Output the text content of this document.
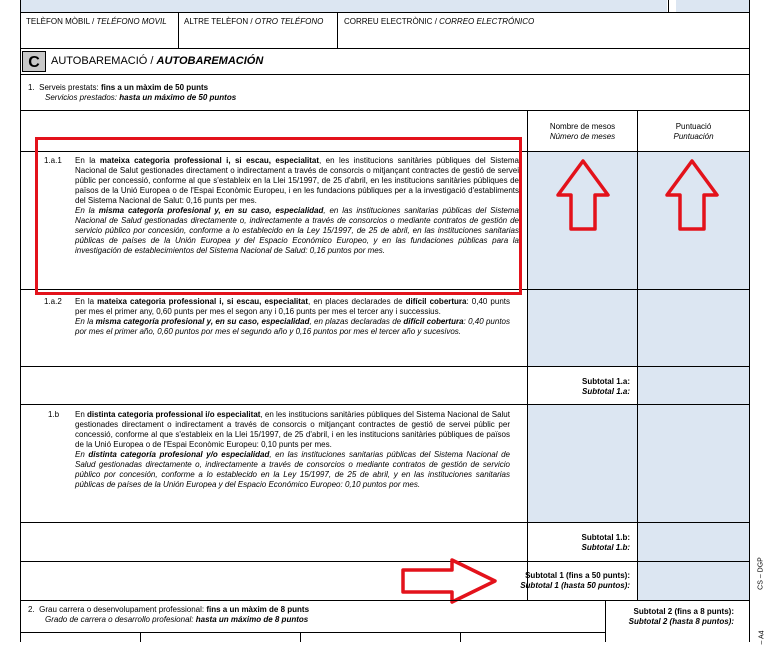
TELÈFON MÒBIL / TELÉFONO MOVIL ALTRE TELÈFON / OTRO TELÉFONO	CORREU ELECTRÒNIC / CORREO ELECTRÓNICO
C	AUTOBAREMACIÓ / AUTOBAREMACIÓN
1. Serveis prestats: fins a un màxim de 50 punts
Servicios prestados: hasta un máximo de 50 puntos
Nombre de mesos
Número de meses
Puntuació
Puntuación
1.a.1 En la mateixa categoria professional i, si escau, especialitat, en les institucions sanitàries públiques del Sistema Nacional de Salut gestionades directament o indirectament a través de consorcis o mitjançant contractes de gestió de servei públic per concessió, conforme al que s'estableix en la Llei 15/1997, de 25 d'abril, en les institucions sanitàries públiques de països de la Unió Europea o de l'Espai Econòmic Europeu, i en les fundacions públiques per a la investigació d'establiments del Sistema Nacional de Salut: 0,16 punts per mes.
En la misma categoría profesional y, en su caso, especialidad, en las instituciones sanitarias públicas del Sistema Nacional de Salud gestionadas directamente o, indirectamente a través de consorcios o mediante contratos de gestión de servicio público por concesión, conforme a lo establecido en la Ley 15/1997, de 25 de abril, en las instituciones sanitarias públicas de países de la Unión Europea y del Espacio Económico Europeo, y en las fundaciones públicas para la investigación de establecimientos del Sistema Nacional de Salud: 0,16 puntos por mes.
1.a.2 En la mateixa categoria professional i, si escau, especialitat, en places declarades de difícil cobertura: 0,40 punts per mes el primer any, 0,60 punts per mes el segon any i 0,16 punts per mes el tercer any i successius.
En la misma categoría profesional y, en su caso, especialidad, en plazas declaradas de difícil cobertura: 0,40 puntos por mes el primer año, 0,60 puntos por mes el segundo año y 0,16 puntos por mes el tercer año y sucesivos.
Subtotal 1.a:
Subtotal 1.a:
1.b En distinta categoria professional i/o especialitat, en les institucions sanitàries públiques del Sistema Nacional de Salut gestionades directament o indirectament a través de consorcis o mitjançant contractes de gestió de servei públic per concessió, conforme al que s'estableix en la Llei 15/1997, de 25 d'abril, i en les institucions sanitàries públiques de països de la Unió Europea o de l'Espai Econòmic Europeu: 0,10 punts per mes.
En distinta categoría profesional y/o especialidad, en las instituciones sanitarias públicas del Sistema Nacional de Salud gestionadas directamente o, indirectamente a través de consorcios o mediante contratos de gestión de servicio público por concesión, conforme a lo establecido en la Ley 15/1997, de 25 de abril, y en las instituciones sanitarias públicas de países de la Unión Europea y del Espacio Económico Europeo: 0,10 puntos por mes.
Subtotal 1.b:
Subtotal 1.b:
Subtotal 1 (fins a 50 punts):
Subtotal 1 (hasta 50 puntos):
2. Grau carrera o desenvolupament professional: fins a un màxim de 8 punts
Grado de carrera o desarrollo profesional: hasta un máximo de 8 puntos
Subtotal 2 (fins a 8 punts):
Subtotal 2 (hasta 8 puntos):
CS – DGP
– A4
